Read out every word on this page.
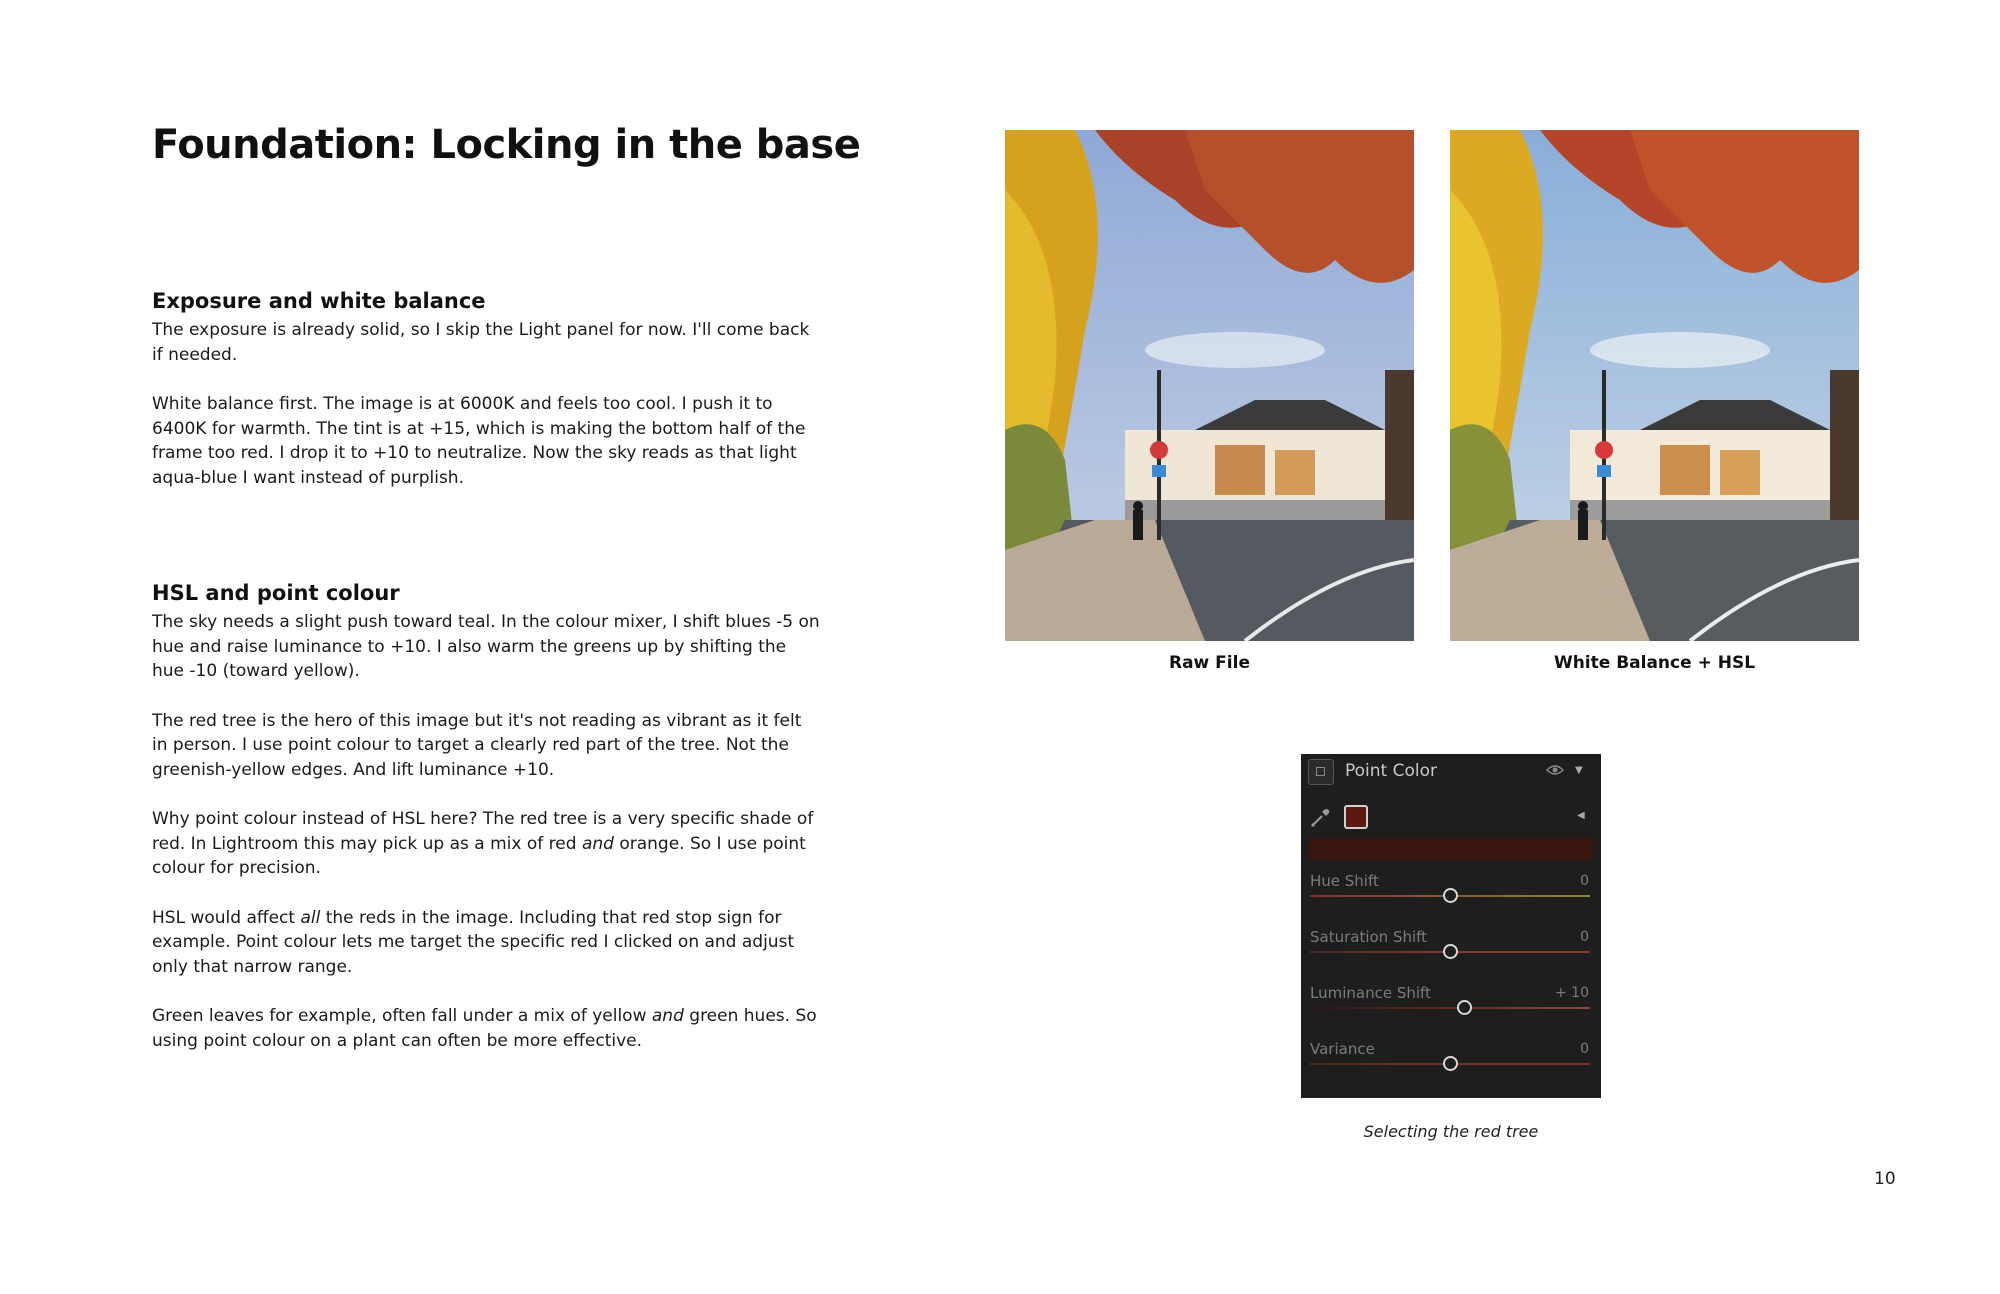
Foundation: Locking in the base
Exposure and white balance

The exposure is already solid, so I skip the Light panel for now. I'll come back if needed.

White balance first. The image is at 6000K and feels too cool. I push it to 6400K for warmth. The tint is at +15, which is making the bottom half of the frame too red. I drop it to +10 to neutralize. Now the sky reads as that light aqua-blue I want instead of purplish.

HSL and point colour

The sky needs a slight push toward teal. In the colour mixer, I shift blues -5 on hue and raise luminance to +10. I also warm the greens up by shifting the hue -10 (toward yellow).

The red tree is the hero of this image but it's not reading as vibrant as it felt in person. I use point colour to target a clearly red part of the tree. Not the greenish-yellow edges. And lift luminance +10.

Why point colour instead of HSL here? The red tree is a very specific shade of red. In Lightroom this may pick up as a mix of red and orange. So I use point colour for precision.

HSL would affect all the reds in the image. Including that red stop sign for example. Point colour lets me target the specific red I clicked on and adjust only that narrow range.

Green leaves for example, often fall under a mix of yellow and green hues. So using point colour on a plant can often be more effective.

Raw File	White Balance + HSL
Point Color	▼
◀
Hue Shift	0
Saturation Shift	0
Luminance Shift	+ 10
Variance	0
Selecting the red tree
10
